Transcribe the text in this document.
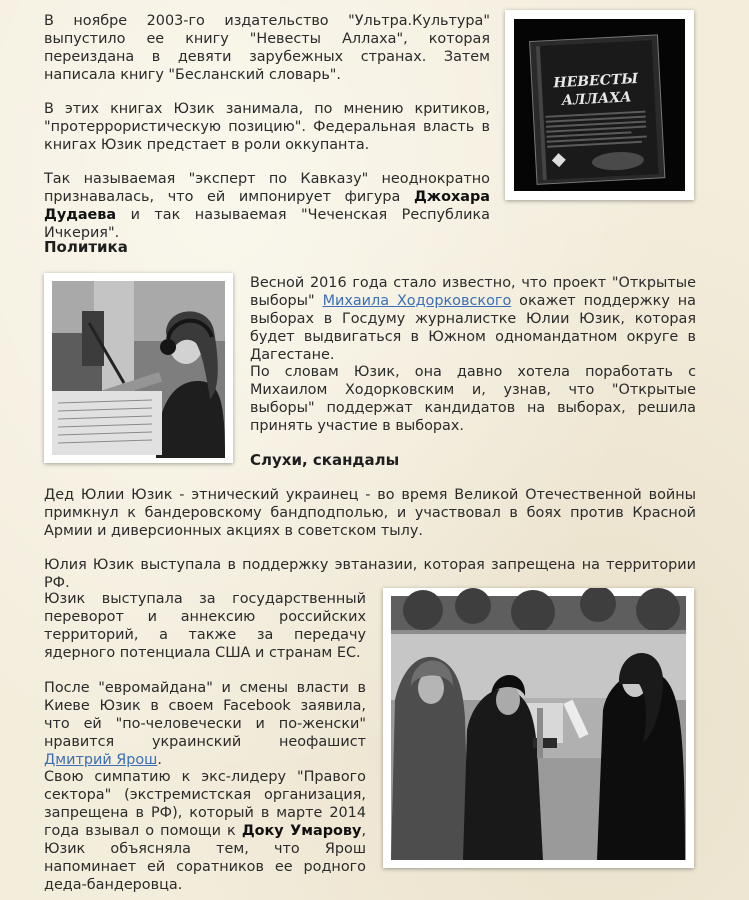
В ноябре 2003-го издательство "Ультра.Культура" выпустило ее книгу "Невесты Аллаха", которая переиздана в девяти зарубежных странах. Затем написала книгу "Бесланский словарь".

В этих книгах Юзик занимала, по мнению критиков, "протеррористическую позицию". Федеральная власть в книгах Юзик предстает в роли оккупанта.

Так называемая "эксперт по Кавказу" неоднократно признавалась, что ей импонирует фигура Джохара Дудаева и так называемая "Чеченская Республика Ичкерия".

НЕВЕСТЫ
АЛЛАХА
Политика

Весной 2016 года стало известно, что проект "Открытые выборы" Михаила Ходорковского окажет поддержку на выборах в Госдуму журналистке Юлии Юзик, которая будет выдвигаться в Южном одномандатном округе в Дагестане.

По словам Юзик, она давно хотела поработать с Михаилом Ходорковским и, узнав, что "Открытые выборы" поддержат кандидатов на выборах, решила принять участие в выборах.

Слухи, скандалы

Дед Юлии Юзик - этнический украинец - во время Великой Отечественной войны примкнул к бандеровскому бандподполью, и участвовал в боях против Красной Армии и диверсионных акциях в советском тылу.

Юлия Юзик выступала в поддержку эвтаназии, которая запрещена на территории РФ.

Юзик выступала за государственный переворот и аннексию российских территорий, а также за передачу ядерного потенциала США и странам ЕС.

После "евромайдана" и смены власти в Киеве Юзик в своем Facebook заявила, что ей "по-человечески и по-женски" нравится украинский неофашист Дмитрий Ярош.

Свою симпатию к экс-лидеру "Правого сектора" (экстремистская организация, запрещена в РФ), который в марте 2014 года взывал о помощи к Доку Умарову, Юзик объясняла тем, что Ярош напоминает ей соратников ее родного деда-бандеровца.
